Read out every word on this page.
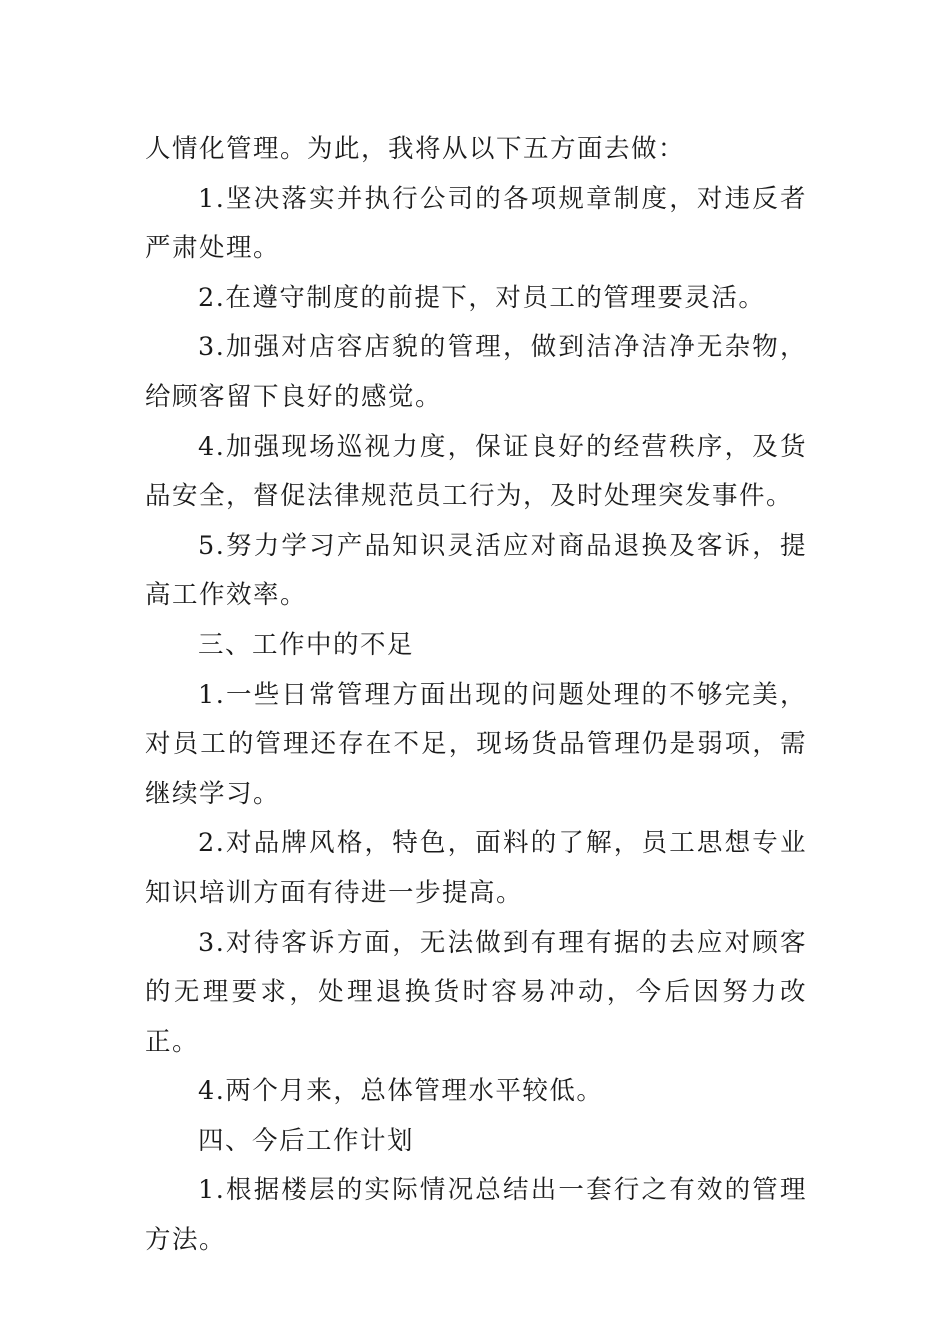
人情化管理。为此，我将从以下五方面去做：

1.坚决落实并执行公司的各项规章制度，对违反者严肃处理。

2.在遵守制度的前提下，对员工的管理要灵活。

3.加强对店容店貌的管理，做到洁净洁净无杂物，给顾客留下良好的感觉。

4.加强现场巡视力度，保证良好的经营秩序，及货品安全，督促法律规范员工行为，及时处理突发事件。

5.努力学习产品知识灵活应对商品退换及客诉，提高工作效率。

三、工作中的不足

1.一些日常管理方面出现的问题处理的不够完美，对员工的管理还存在不足，现场货品管理仍是弱项，需继续学习。

2.对品牌风格，特色，面料的了解，员工思想专业知识培训方面有待进一步提高。

3.对待客诉方面，无法做到有理有据的去应对顾客的无理要求，处理退换货时容易冲动，今后因努力改正。

4.两个月来，总体管理水平较低。

四、今后工作计划

1.根据楼层的实际情况总结出一套行之有效的管理方法。
